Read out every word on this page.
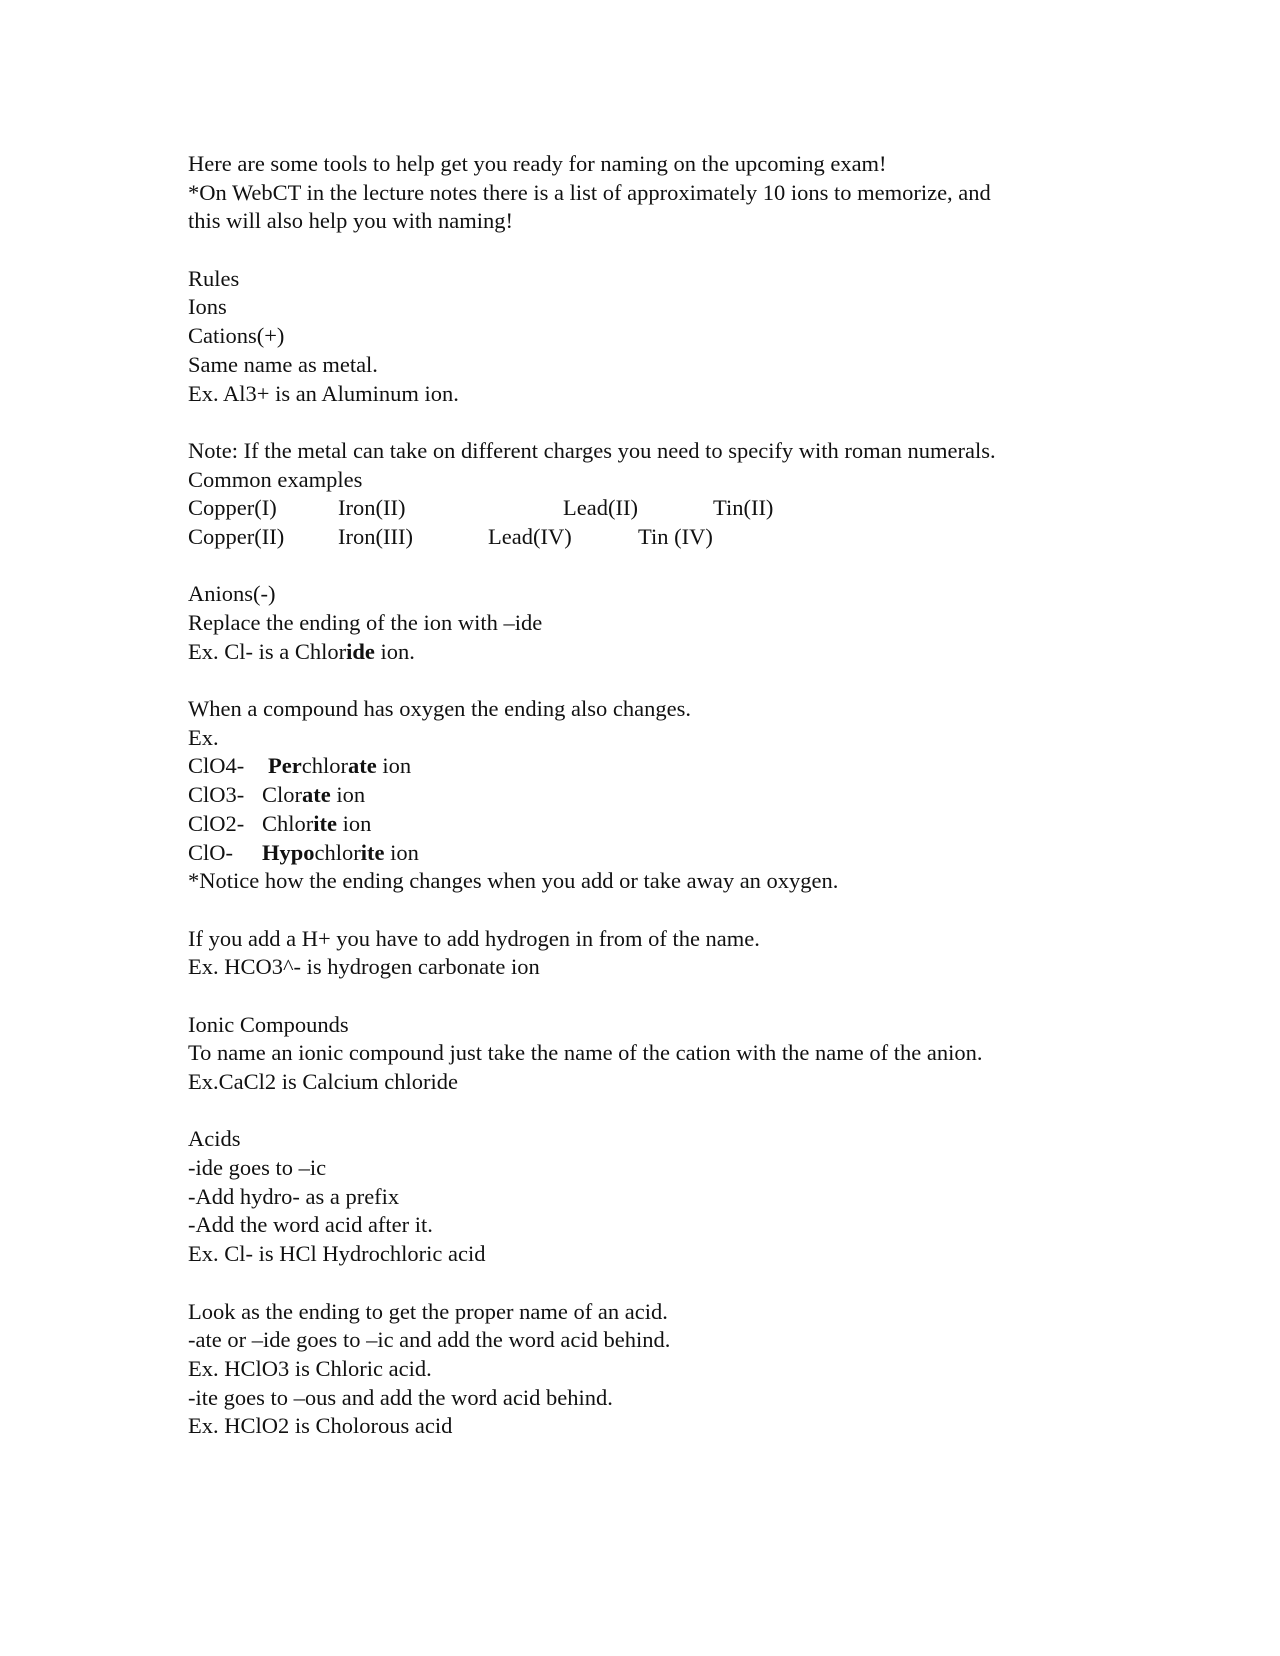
Here are some tools to help get you ready for naming on the upcoming exam!
*On WebCT in the lecture notes there is a list of approximately 10 ions to memorize, and
this will also help you with naming!
Rules
Ions
Cations(+)
Same name as metal.
Ex. Al3+ is an Aluminum ion.
Note: If the metal can take on different charges you need to specify with roman numerals.
Common examples
Copper(I)	Iron(II)	Lead(II)	Tin(II)
Copper(II) Iron(III)	Lead(IV)	Tin (IV)
Anions(-)
Replace the ending of the ion with –ide
Ex. Cl- is a Chloride ion.
When a compound has oxygen the ending also changes.
Ex.
ClO4- Perchlorate ion
ClO3- Clorate ion
ClO2- Chlorite ion
ClO- Hypochlorite ion
*Notice how the ending changes when you add or take away an oxygen.
If you add a H+ you have to add hydrogen in from of the name.
Ex. HCO3^- is hydrogen carbonate ion
Ionic Compounds
To name an ionic compound just take the name of the cation with the name of the anion.
Ex.CaCl2 is Calcium chloride
Acids
-ide goes to –ic
-Add hydro- as a prefix
-Add the word acid after it.
Ex. Cl- is HCl Hydrochloric acid
Look as the ending to get the proper name of an acid.
-ate or –ide goes to –ic and add the word acid behind.
Ex. HClO3 is Chloric acid.
-ite goes to –ous and add the word acid behind.
Ex. HClO2 is Cholorous acid
